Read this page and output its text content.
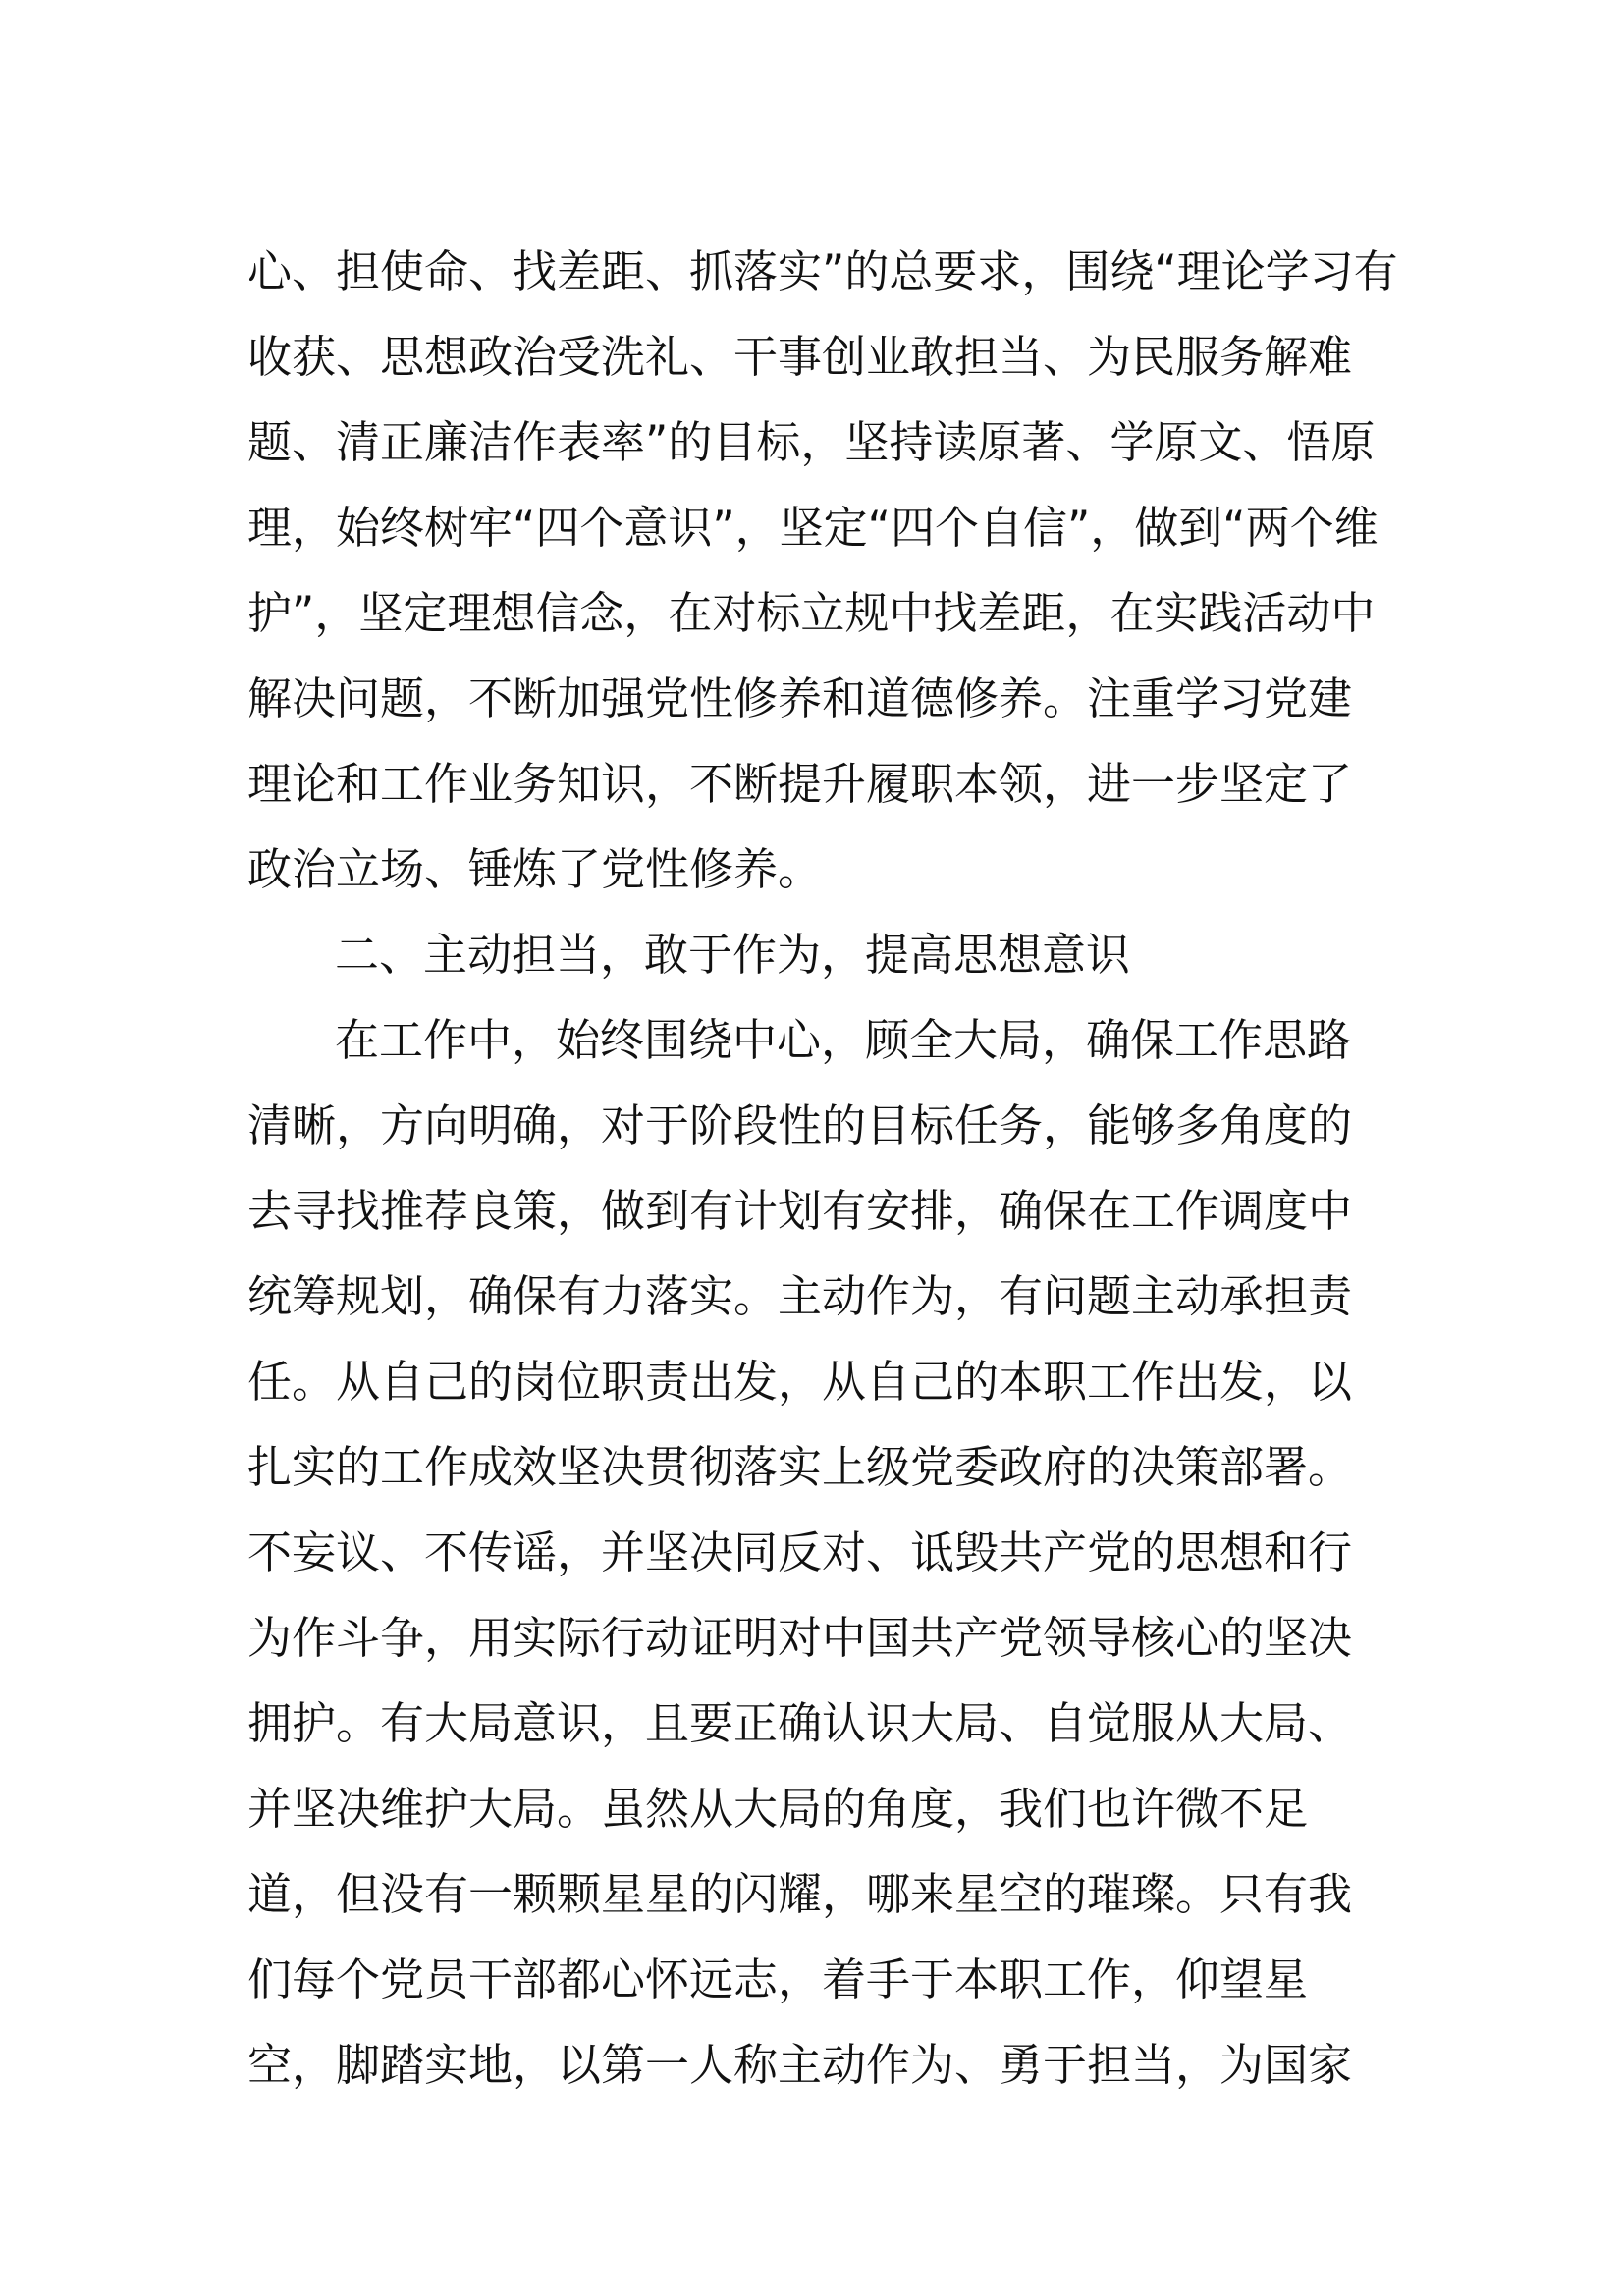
心、担使命、找差距、抓落实”的总要求，围绕“理论学习有
收获、思想政治受洗礼、干事创业敢担当、为民服务解难
题、清正廉洁作表率”的目标，坚持读原著、学原文、悟原
理，始终树牢“四个意识”，坚定“四个自信”，做到“两个维
护”，坚定理想信念，在对标立规中找差距，在实践活动中
解决问题，不断加强党性修养和道德修养。注重学习党建
理论和工作业务知识，不断提升履职本领，进一步坚定了
政治立场、锤炼了党性修养。
二、主动担当，敢于作为，提高思想意识
在工作中，始终围绕中心，顾全大局，确保工作思路
清晰，方向明确，对于阶段性的目标任务，能够多角度的
去寻找推荐良策，做到有计划有安排，确保在工作调度中
统筹规划，确保有力落实。主动作为，有问题主动承担责
任。从自己的岗位职责出发，从自己的本职工作出发，以
扎实的工作成效坚决贯彻落实上级党委政府的决策部署。
不妄议、不传谣，并坚决同反对、诋毁共产党的思想和行
为作斗争，用实际行动证明对中国共产党领导核心的坚决
拥护。有大局意识，且要正确认识大局、自觉服从大局、
并坚决维护大局。虽然从大局的角度，我们也许微不足
道，但没有一颗颗星星的闪耀，哪来星空的璀璨。只有我
们每个党员干部都心怀远志，着手于本职工作，仰望星
空，脚踏实地，以第一人称主动作为、勇于担当，为国家
